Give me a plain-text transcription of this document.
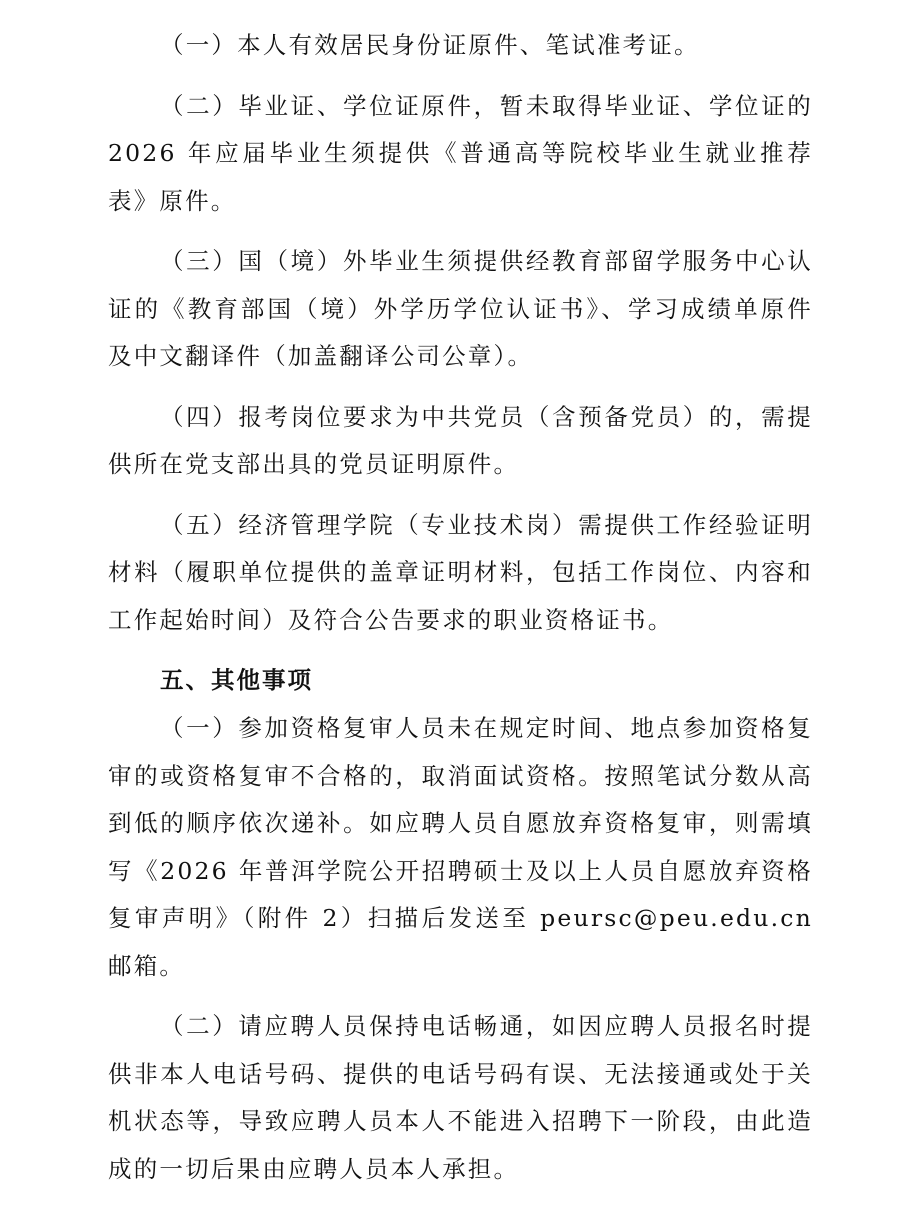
（一）本人有效居民身份证原件、笔试准考证。

（二）毕业证、学位证原件，暂未取得毕业证、学位证的 2026 年应届毕业生须提供《普通高等院校毕业生就业推荐表》原件。

（三）国（境）外毕业生须提供经教育部留学服务中心认证的《教育部国（境）外学历学位认证书》、学习成绩单原件及中文翻译件（加盖翻译公司公章）。

（四）报考岗位要求为中共党员（含预备党员）的，需提供所在党支部出具的党员证明原件。

（五）经济管理学院（专业技术岗）需提供工作经验证明材料（履职单位提供的盖章证明材料，包括工作岗位、内容和工作起始时间）及符合公告要求的职业资格证书。

五、其他事项

（一）参加资格复审人员未在规定时间、地点参加资格复审的或资格复审不合格的，取消面试资格。按照笔试分数从高到低的顺序依次递补。如应聘人员自愿放弃资格复审，则需填写《2026 年普洱学院公开招聘硕士及以上人员自愿放弃资格复审声明》（附件 2）扫描后发送至 peursc@peu.edu.cn 邮箱。

（二）请应聘人员保持电话畅通，如因应聘人员报名时提供非本人电话号码、提供的电话号码有误、无法接通或处于关机状态等，导致应聘人员本人不能进入招聘下一阶段，由此造成的一切后果由应聘人员本人承担。
